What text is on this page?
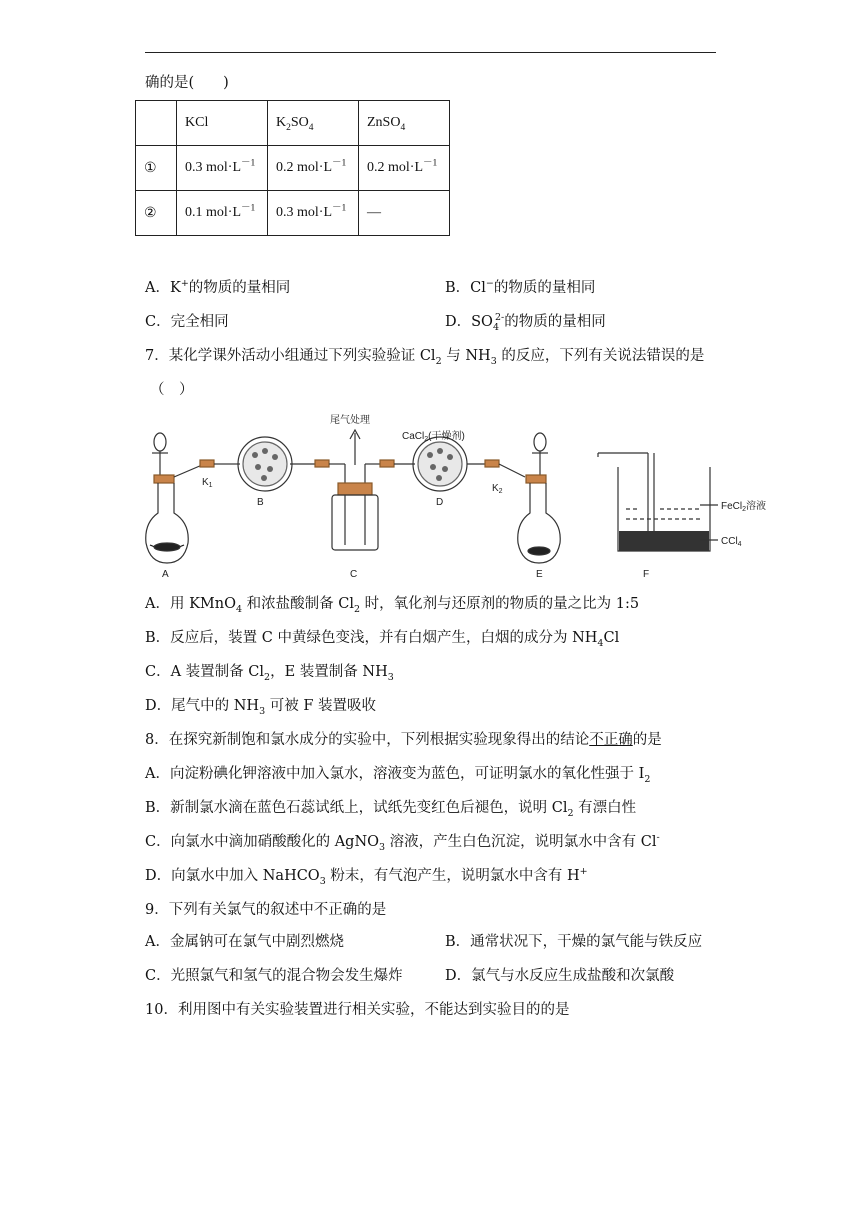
确的是(　　)
	KCl	$K_2SO_4$	ZnSO$_4$
①	0.3 $mol\cdot L^{-1}$	0.2 $mol\cdot L^{-1}$	0.2 $mol\cdot L^{-1}$
②	0.1 $mol\cdot L^{-1}$	0.3 $mol\cdot L^{-1}$	—
A．K+的物质的量相同	B．Cl−的物质的量相同
C．完全相同	D．$SO_4^{2-}$的物质的量相同
7．某化学课外活动小组通过下列实验验证 $Cl_2$ 与 $NH_3$ 的反应，下列有关说法错误的是
（　）
尾气处理
CaCl$_2$(干燥剂)
$K_1$	$K_2$
FeCl$_2$溶液
CCl$_4$
A
B
C
D
E	F
A．用 KMnO$_4$ 和浓盐酸制备 $Cl_2$ 时，氧化剂与还原剂的物质的量之比为 1:5
B．反应后，装置 C 中黄绿色变浅，并有白烟产生，白烟的成分为 $NH_4Cl$
C．A 装置制备 $Cl_2$，E 装置制备 $NH_3$
D．尾气中的 $NH_3$ 可被 F 装置吸收
8．在探究新制饱和氯水成分的实验中，下列根据实验现象得出的结论不正确的是
A．向淀粉碘化钾溶液中加入氯水，溶液变为蓝色，可证明氯水的氧化性强于 $I_2$
B．新制氯水滴在蓝色石蕊试纸上，试纸先变红色后褪色，说明 $Cl_2$ 有漂白性
C．向氯水中滴加硝酸酸化的 AgNO$_3$ 溶液，产生白色沉淀，说明氯水中含有 Cl-
D．向氯水中加入 NaHCO$_3$ 粉末，有气泡产生，说明氯水中含有 H+
9．下列有关氯气的叙述中不正确的是
A．金属钠可在氯气中剧烈燃烧	B．通常状况下，干燥的氯气能与铁反应
C．光照氯气和氢气的混合物会发生爆炸	D．氯气与水反应生成盐酸和次氯酸
10．利用图中有关实验装置进行相关实验，不能达到实验目的的是
